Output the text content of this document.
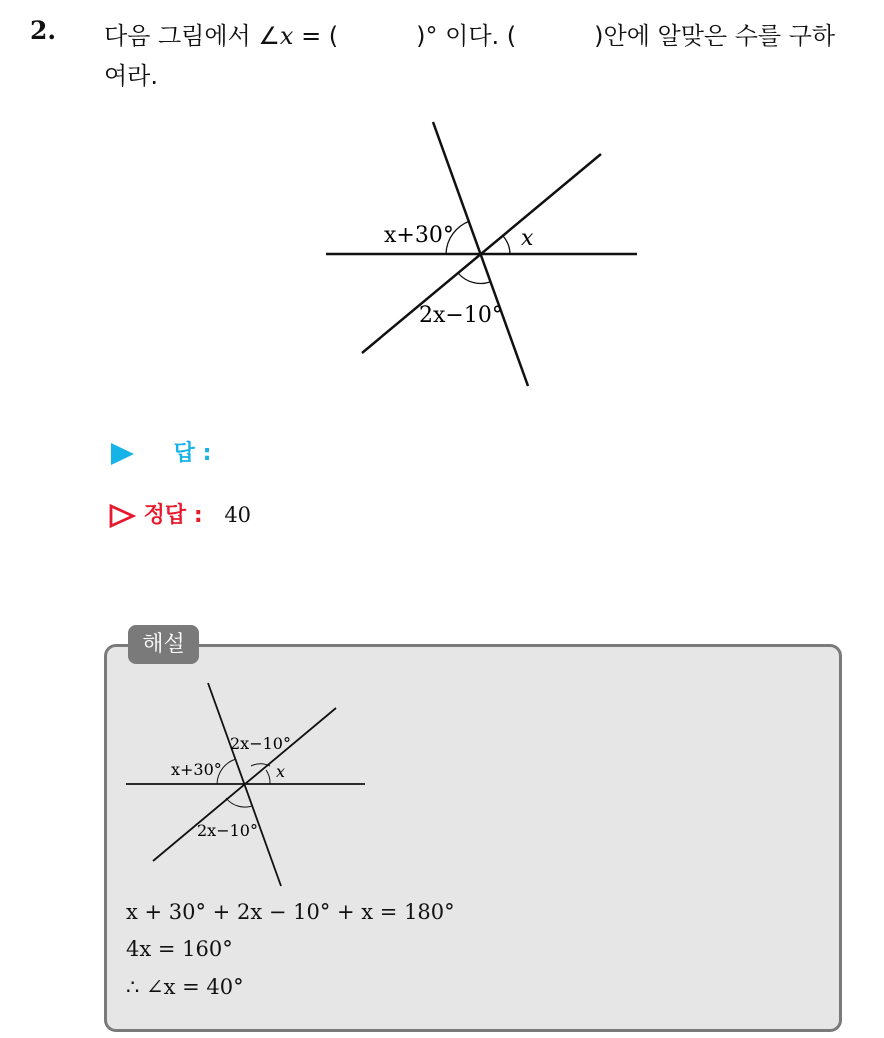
2. 다음 그림에서 ∠x = (	)° 이다. (	)안에 알맞은 수를 구하
여라.
x+30°	x
2x−10°
답 :
정답 : 40
해설
2x−10°
x+30°	x
2x−10°
x + 30° + 2x − 10° + x = 180°
4x = 160°
∴ ∠x = 40°
